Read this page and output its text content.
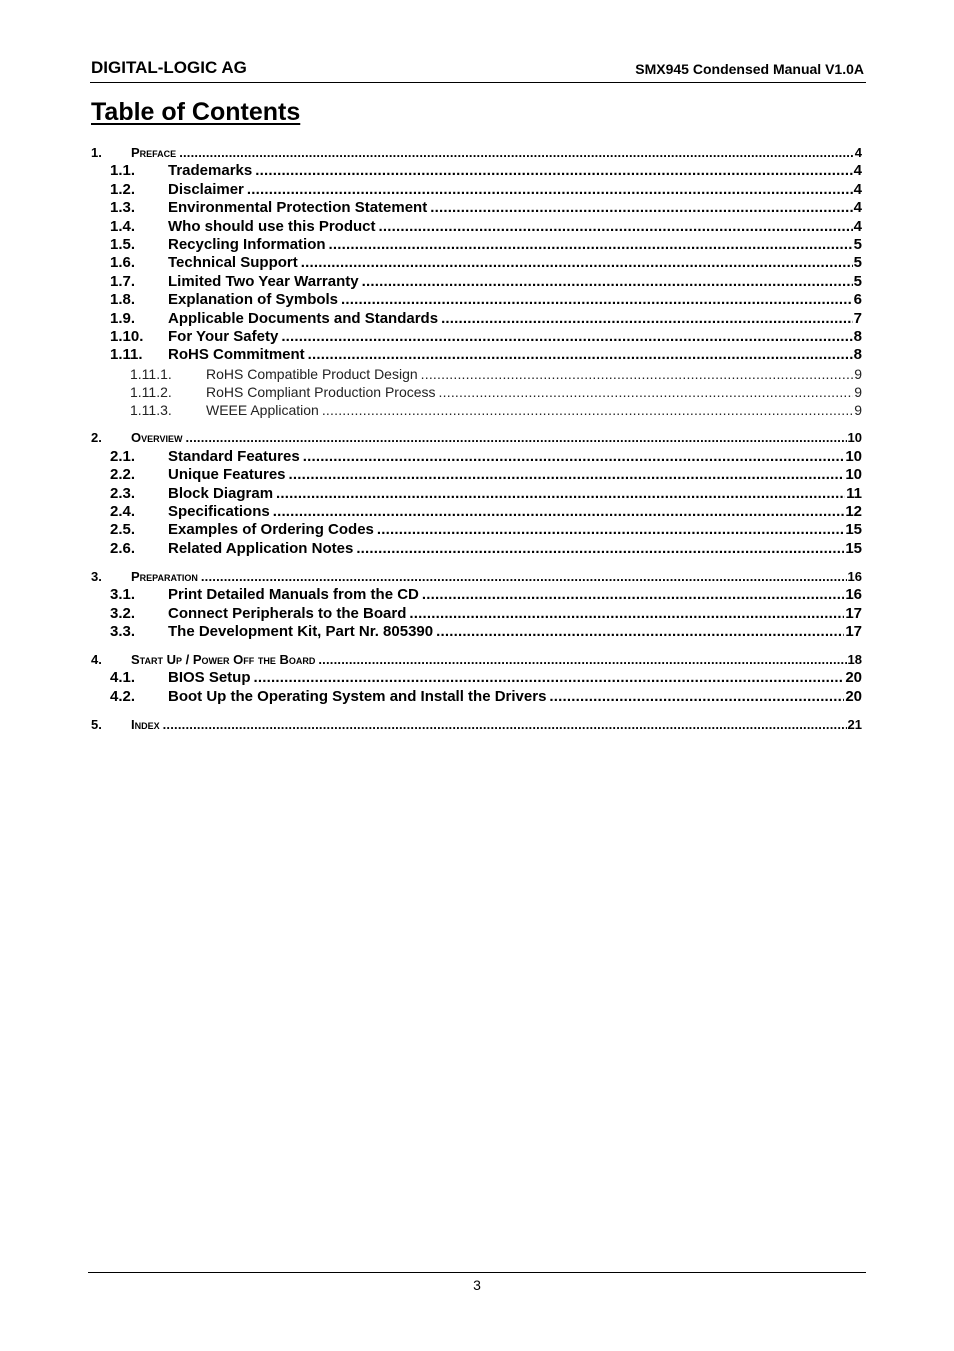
DIGITAL-LOGIC AG	SMX945 Condensed Manual V1.0A
Table of Contents
1.	Preface .....	4
1.1.	Trademarks .....	4
1.2.	Disclaimer .....	4
1.3.	Environmental Protection Statement .....	4
1.4.	Who should use this Product .....	4
1.5.	Recycling Information .....	5
1.6.	Technical Support .....	5
1.7.	Limited Two Year Warranty .....	5
1.8.	Explanation of Symbols .....	6
1.9.	Applicable Documents and Standards .....	7
1.10.	For Your Safety .....	8
1.11.	RoHS Commitment .....	8
1.11.1.	RoHS Compatible Product Design .....	9
1.11.2.	RoHS Compliant Production Process .....	9
1.11.3.	WEEE Application .....	9
2.	Overview .....	10
2.1.	Standard Features .....	10
2.2.	Unique Features .....	10
2.3.	Block Diagram .....	11
2.4.	Specifications .....	12
2.5.	Examples of Ordering Codes .....	15
2.6.	Related Application Notes .....	15
3.	Preparation .....	16
3.1.	Print Detailed Manuals from the CD .....	16
3.2.	Connect Peripherals to the Board .....	17
3.3.	The Development Kit, Part Nr. 805390 .....	17
4.	Start Up / Power Off the Board .....	18
4.1.	BIOS Setup .....	20
4.2.	Boot Up the Operating System and Install the Drivers .....	20
5.	Index .....	21
3
